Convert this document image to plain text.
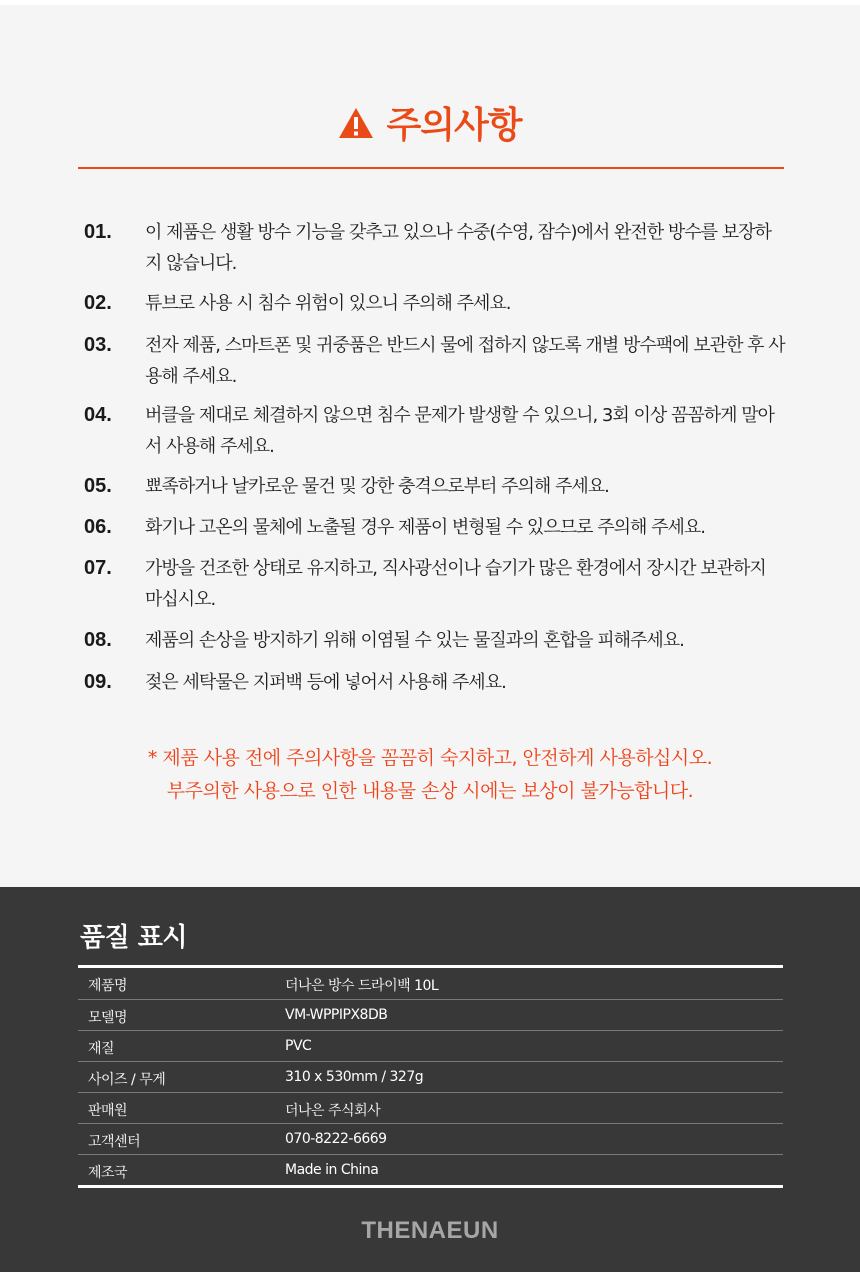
주의사항
01. 이 제품은 생활 방수 기능을 갖추고 있으나 수중(수영, 잠수)에서 완전한 방수를 보장하지 않습니다.
02. 튜브로 사용 시 침수 위험이 있으니 주의해 주세요.
03. 전자 제품, 스마트폰 및 귀중품은 반드시 물에 접하지 않도록 개별 방수팩에 보관한 후 사용해 주세요.
04. 버클을 제대로 체결하지 않으면 침수 문제가 발생할 수 있으니, 3회 이상 꼼꼼하게 말아서 사용해 주세요.
05. 뾰족하거나 날카로운 물건 및 강한 충격으로부터 주의해 주세요.
06. 화기나 고온의 물체에 노출될 경우 제품이 변형될 수 있으므로 주의해 주세요.
07. 가방을 건조한 상태로 유지하고, 직사광선이나 습기가 많은 환경에서 장시간 보관하지 마십시오.
08. 제품의 손상을 방지하기 위해 이염될 수 있는 물질과의 혼합을 피해주세요.
09. 젖은 세탁물은 지퍼백 등에 넣어서 사용해 주세요.
* 제품 사용 전에 주의사항을 꼼꼼히 숙지하고, 안전하게 사용하십시오.
부주의한 사용으로 인한 내용물 손상 시에는 보상이 불가능합니다.
품질 표시
제품명	더나은 방수 드라이백 10L
모델명	VM-WPPIPX8DB
재질	PVC
사이즈 / 무게	310 x 530mm / 327g
판매원	더나은 주식회사
고객센터	070-8222-6669
제조국	Made in China
THENAEUN
